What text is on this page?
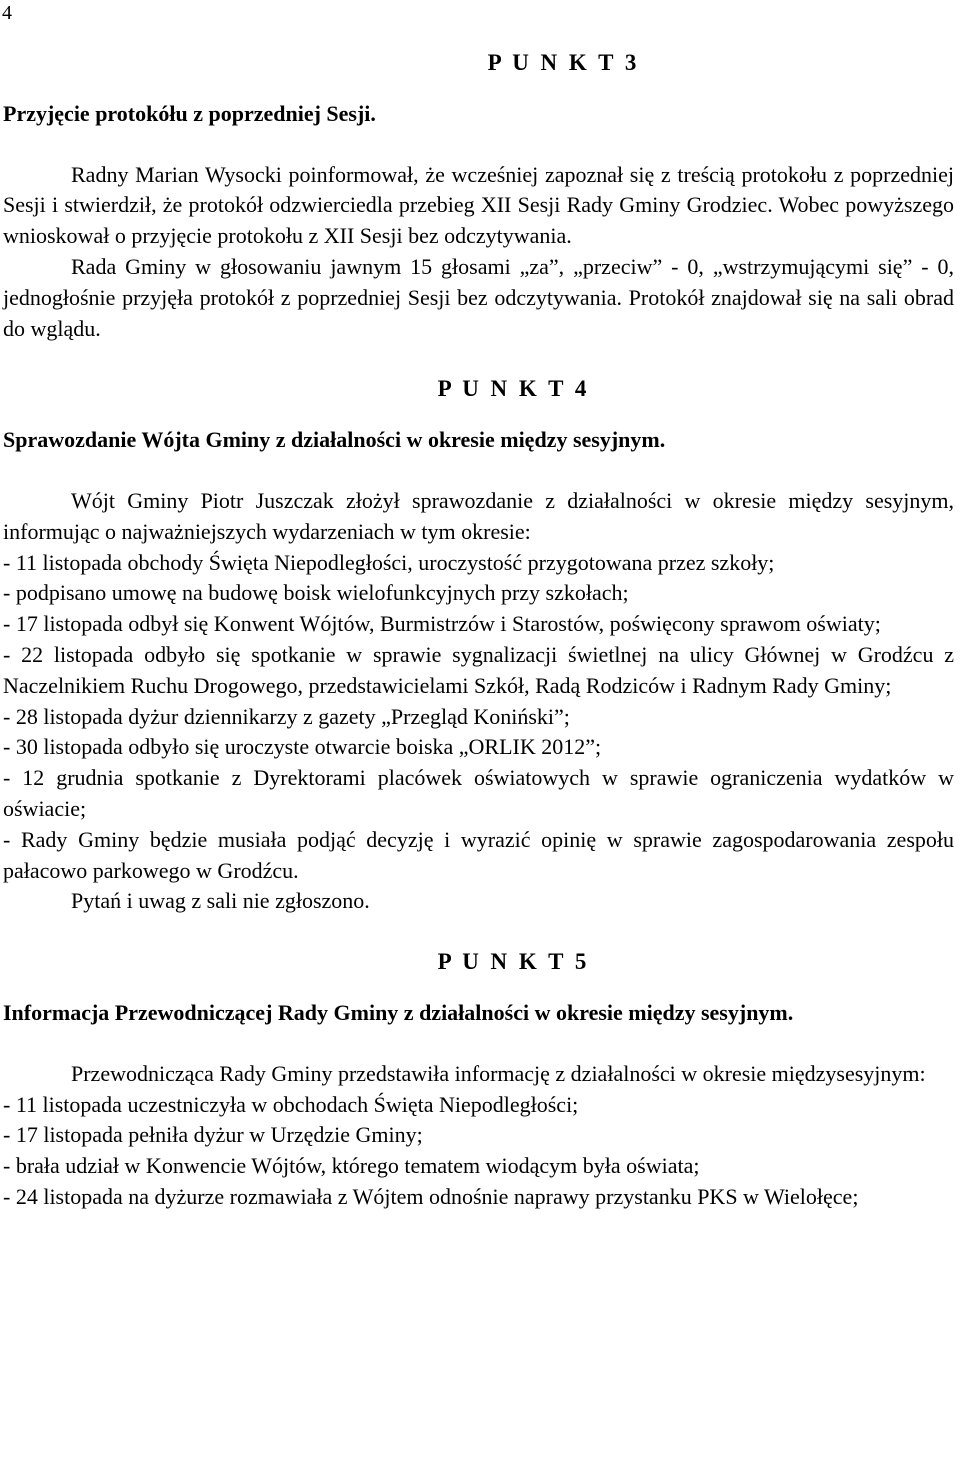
4
P U N K T 3
Przyjęcie protokółu z poprzedniej Sesji.

Radny Marian Wysocki poinformował, że wcześniej zapoznał się z treścią protokołu z poprzedniej Sesji i stwierdził, że protokół odzwierciedla przebieg XII Sesji Rady Gminy Grodziec. Wobec powyższego wnioskował o przyjęcie protokołu z XII Sesji bez odczytywania.

Rada Gminy w głosowaniu jawnym 15 głosami „za”, „przeciw” - 0, „wstrzymującymi się” - 0, jednogłośnie przyjęła protokół z poprzedniej Sesji bez odczytywania. Protokół znajdował się na sali obrad do wglądu.

P U N K T 4
Sprawozdanie Wójta Gminy z działalności w okresie między sesyjnym.

Wójt Gminy Piotr Juszczak złożył sprawozdanie z działalności w okresie między sesyjnym, informując o najważniejszych wydarzeniach w tym okresie:

- 11 listopada obchody Święta Niepodległości, uroczystość przygotowana przez szkoły;

- podpisano umowę na budowę boisk wielofunkcyjnych przy szkołach;

- 17 listopada odbył się Konwent Wójtów, Burmistrzów i Starostów, poświęcony sprawom oświaty;

- 22 listopada odbyło się spotkanie w sprawie sygnalizacji świetlnej na ulicy Głównej w Grodźcu z Naczelnikiem Ruchu Drogowego, przedstawicielami Szkół, Radą Rodziców i Radnym Rady Gminy;

- 28 listopada dyżur dziennikarzy z gazety „Przegląd Koniński”;

- 30 listopada odbyło się uroczyste otwarcie boiska „ORLIK 2012”;

- 12 grudnia spotkanie z Dyrektorami placówek oświatowych w sprawie ograniczenia wydatków w oświacie;

- Rady Gminy będzie musiała podjąć decyzję i wyrazić opinię w sprawie zagospodarowania zespołu pałacowo parkowego w Grodźcu.

Pytań i uwag z sali nie zgłoszono.

P U N K T 5
Informacja Przewodniczącej Rady Gminy z działalności w okresie między sesyjnym.

Przewodnicząca Rady Gminy przedstawiła informację z działalności w okresie międzysesyjnym:

- 11 listopada uczestniczyła w obchodach Święta Niepodległości;

- 17 listopada pełniła dyżur w Urzędzie Gminy;

- brała udział w Konwencie Wójtów, którego tematem wiodącym była oświata;

- 24 listopada na dyżurze rozmawiała z Wójtem odnośnie naprawy przystanku PKS w Wielołęce;
